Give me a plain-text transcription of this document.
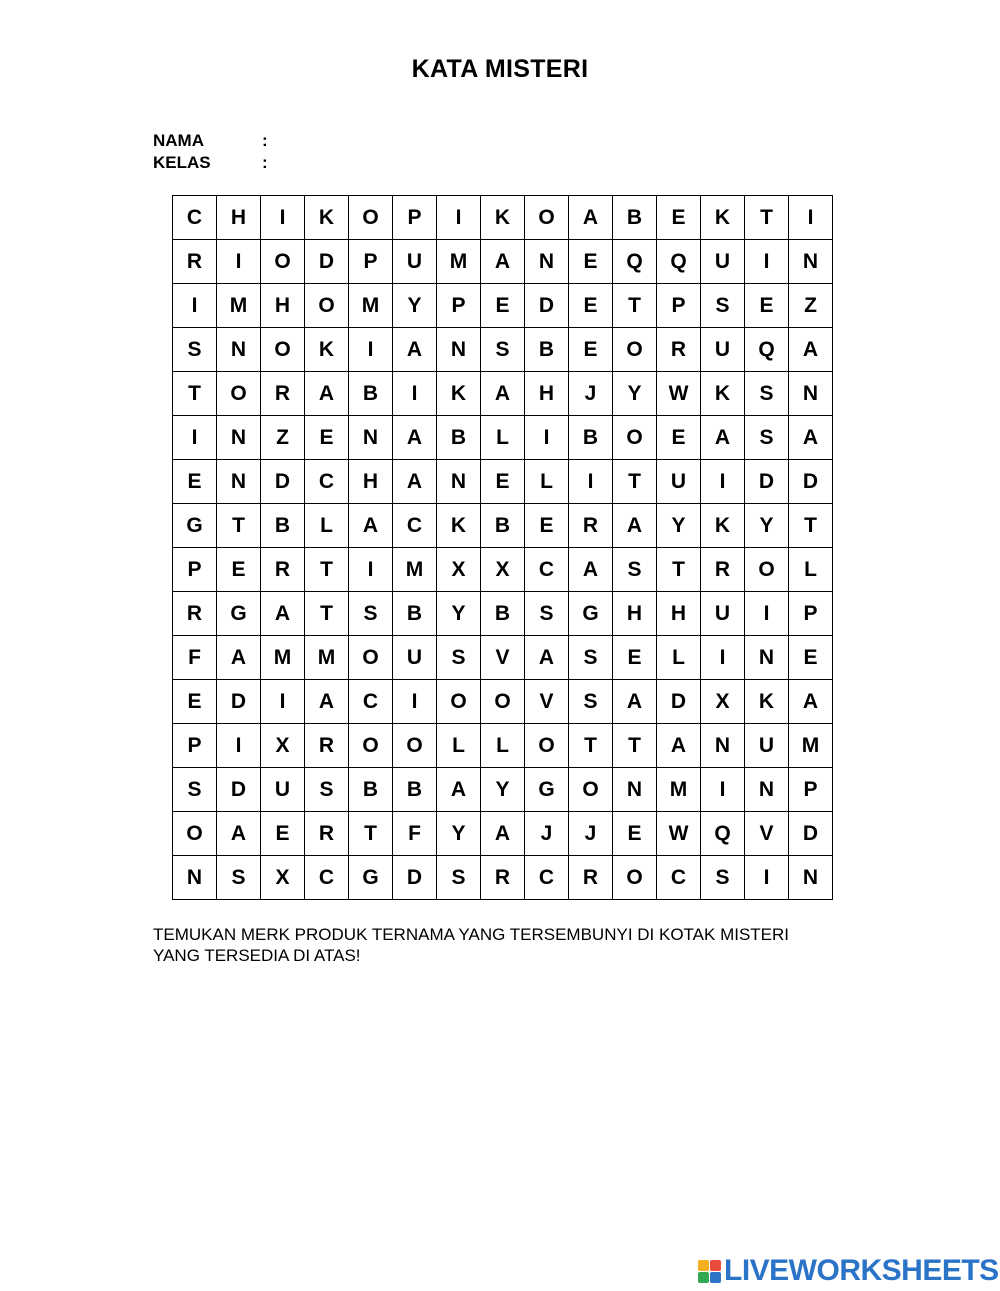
KATA MISTERI
NAMA	:
KELAS	:
C	H	I	K	O	P	I	K	O	A	B	E	K	T	I
R	I	O	D	P	U	M	A	N	E	Q	Q	U	I	N
I	M	H	O	M	Y	P	E	D	E	T	P	S	E	Z
S	N	O	K	I	A	N	S	B	E	O	R	U	Q	A
T	O	R	A	B	I	K	A	H	J	Y	W	K	S	N
I	N	Z	E	N	A	B	L	I	B	O	E	A	S	A
E	N	D	C	H	A	N	E	L	I	T	U	I	D	D
G	T	B	L	A	C	K	B	E	R	A	Y	K	Y	T
P	E	R	T	I	M	X	X	C	A	S	T	R	O	L
R	G	A	T	S	B	Y	B	S	G	H	H	U	I	P
F	A	M	M	O	U	S	V	A	S	E	L	I	N	E
E	D	I	A	C	I	O	O	V	S	A	D	X	K	A
P	I	X	R	O	O	L	L	O	T	T	A	N	U	M
S	D	U	S	B	B	A	Y	G	O	N	M	I	N	P
O	A	E	R	T	F	Y	A	J	J	E	W	Q	V	D
N	S	X	C	G	D	S	R	C	R	O	C	S	I	N
TEMUKAN MERK PRODUK TERNAMA YANG TERSEMBUNYI DI KOTAK MISTERI
YANG TERSEDIA DI ATAS!
LIVEWORKSHEETS
